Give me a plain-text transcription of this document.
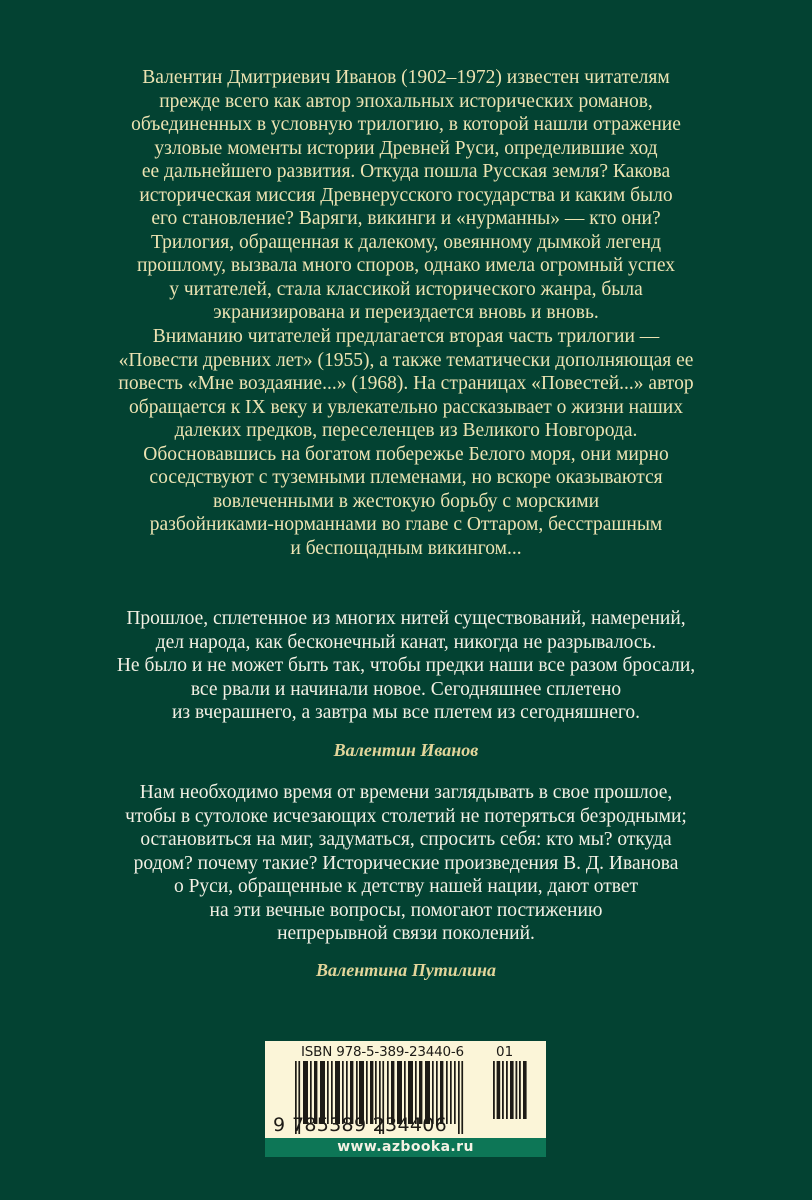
Валентин Дмитриевич Иванов (1902–1972) известен читателям
прежде всего как автор эпохальных исторических романов,
объединенных в условную трилогию, в которой нашли отражение
узловые моменты истории Древней Руси, определившие ход
ее дальнейшего развития. Откуда пошла Русская земля? Какова
историческая миссия Древнерусского государства и каким было
его становление? Варяги, викинги и «нурманны» — кто они?
Трилогия, обращенная к далекому, овеянному дымкой легенд
прошлому, вызвала много споров, однако имела огромный успех
у читателей, стала классикой исторического жанра, была
экранизирована и переиздается вновь и вновь.
Вниманию читателей предлагается вторая часть трилогии —
«Повести древних лет» (1955), а также тематически дополняющая ее
повесть «Мне воздаяние...» (1968). На страницах «Повестей...» автор
обращается к IX веку и увлекательно рассказывает о жизни наших
далеких предков, переселенцев из Великого Новгорода.
Обосновавшись на богатом побережье Белого моря, они мирно
соседствуют с туземными племенами, но вскоре оказываются
вовлеченными в жестокую борьбу с морскими
разбойниками-норманнами во главе с Оттаром, бесстрашным
и беспощадным викингом...
Прошлое, сплетенное из многих нитей существований, намерений,
дел народа, как бесконечный канат, никогда не разрывалось.
Не было и не может быть так, чтобы предки наши все разом бросали,
все рвали и начинали новое. Сегодняшнее сплетено
из вчерашнего, а завтра мы все плетем из сегодняшнего.
Валентин Иванов
Нам необходимо время от времени заглядывать в свое прошлое,
чтобы в сутолоке исчезающих столетий не потеряться безродными;
остановиться на миг, задуматься, спросить себя: кто мы? откуда
родом? почему такие? Исторические произведения В. Д. Иванова
о Руси, обращенные к детству нашей нации, дают ответ
на эти вечные вопросы, помогают постижению
непрерывной связи поколений.
Валентина Путилина
ISBN 978-5-389-23440-6 01
9 785389 234406
www.azbooka.ru
